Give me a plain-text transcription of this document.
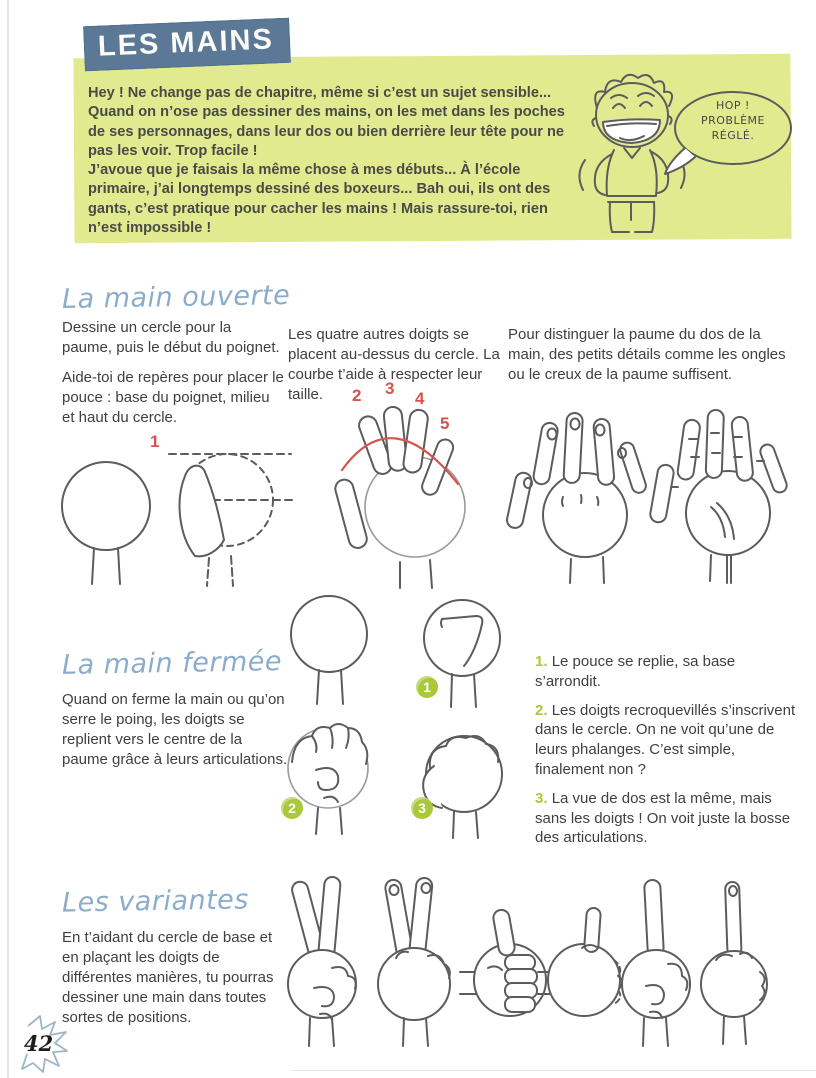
LES MAINS
Hey ! Ne change pas de chapitre, même si c’est un sujet sensible... Quand on n’ose pas dessiner des mains, on les met dans les poches de ses personnages, dans leur dos ou bien derrière leur tête pour ne pas les voir. Trop facile !
J’avoue que je faisais la même chose à mes débuts... À l’école primaire, j’ai longtemps dessiné des boxeurs... Bah oui, ils ont des gants, c’est pratique pour cacher les mains ! Mais rassure-toi, rien n’est impossible !
HOP ! PROBLÈME RÉGLÉ.
La main ouverte
Dessine un cercle pour la paume, puis le début du poignet.
Aide-toi de repères pour placer le pouce : base du poignet, milieu et haut du cercle.
Les quatre autres doigts se placent au-dessus du cercle. La courbe t’aide à respecter leur taille.
Pour distinguer la paume du dos de la main, des petits détails comme les ongles ou le creux de la paume suffisent.
1
2 3
4
5
La main fermée
Quand on ferme la main ou qu’on serre le poing, les doigts se replient vers le centre de la paume grâce à leurs articulations.
1
2	3

1. Le pouce se replie, sa base s’arrondit.

2. Les doigts recroquevillés s’inscrivent dans le cercle. On ne voit qu’une de leurs phalanges. C’est simple, finalement non ?

3. La vue de dos est la même, mais sans les doigts ! On voit juste la bosse des articulations.

Les variantes
En t’aidant du cercle de base et en plaçant les doigts de différentes manières, tu pourras dessiner une main dans toutes sortes de positions.
42
